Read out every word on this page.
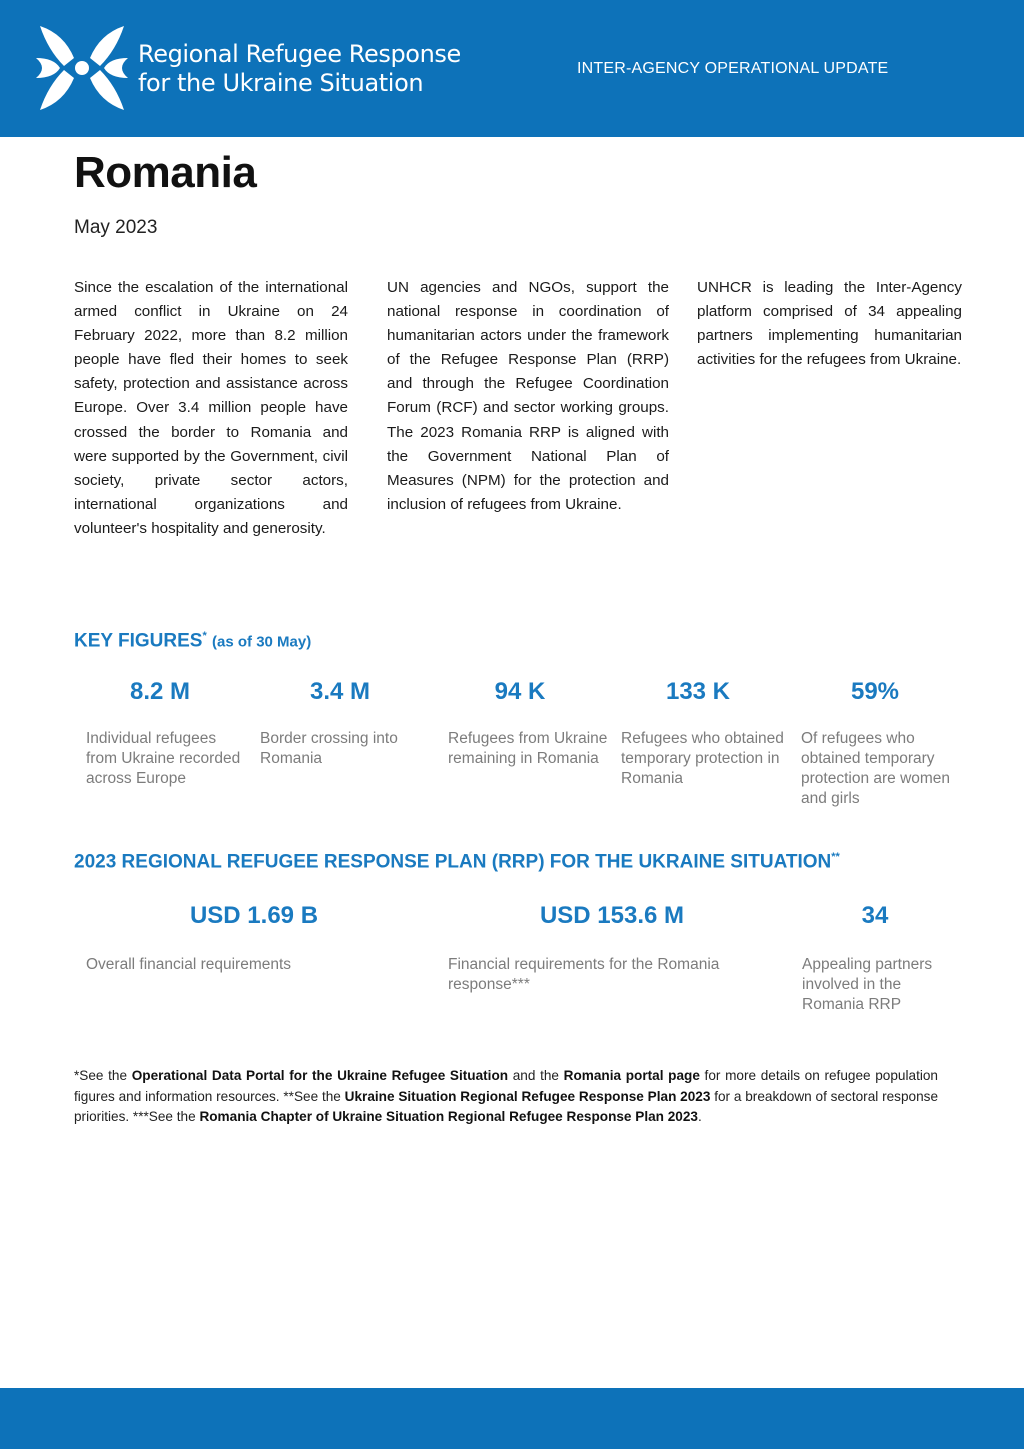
Regional Refugee Response
for the Ukraine Situation
INTER-AGENCY OPERATIONAL UPDATE
Romania
May 2023
Since the escalation of the international armed conflict in Ukraine on 24 February 2022, more than 8.2 million people have fled their homes to seek safety, protection and assistance across Europe. Over 3.4 million people have crossed the border to Romania and were supported by the Government, civil society, private sector actors, international organizations and volunteer's hospitality and generosity.
UN agencies and NGOs, support the national response in coordination of humanitarian actors under the framework of the Refugee Response Plan (RRP) and through the Refugee Coordination Forum (RCF) and sector working groups. The 2023 Romania RRP is aligned with the Government National Plan of Measures (NPM) for the protection and inclusion of refugees from Ukraine.
UNHCR is leading the Inter-Agency platform comprised of 34 appealing partners implementing humanitarian activities for the refugees from Ukraine.
KEY FIGURES* (as of 30 May)
8.2 M
Individual refugees from Ukraine recorded across Europe
3.4 M
Border crossing into Romania
94 K
Refugees from Ukraine remaining in Romania
133 K
Refugees who obtained temporary protection in Romania
59%
Of refugees who obtained temporary protection are women and girls
2023 REGIONAL REFUGEE RESPONSE PLAN (RRP) FOR THE UKRAINE SITUATION**
USD 1.69 B
Overall financial requirements
USD 153.6 M
Financial requirements for the Romania response***
34
Appealing partners involved in the Romania RRP
*See the Operational Data Portal for the Ukraine Refugee Situation and the Romania portal page for more details on refugee population figures and information resources. **See the Ukraine Situation Regional Refugee Response Plan 2023 for a breakdown of sectoral response priorities. ***See the Romania Chapter of Ukraine Situation Regional Refugee Response Plan 2023.
